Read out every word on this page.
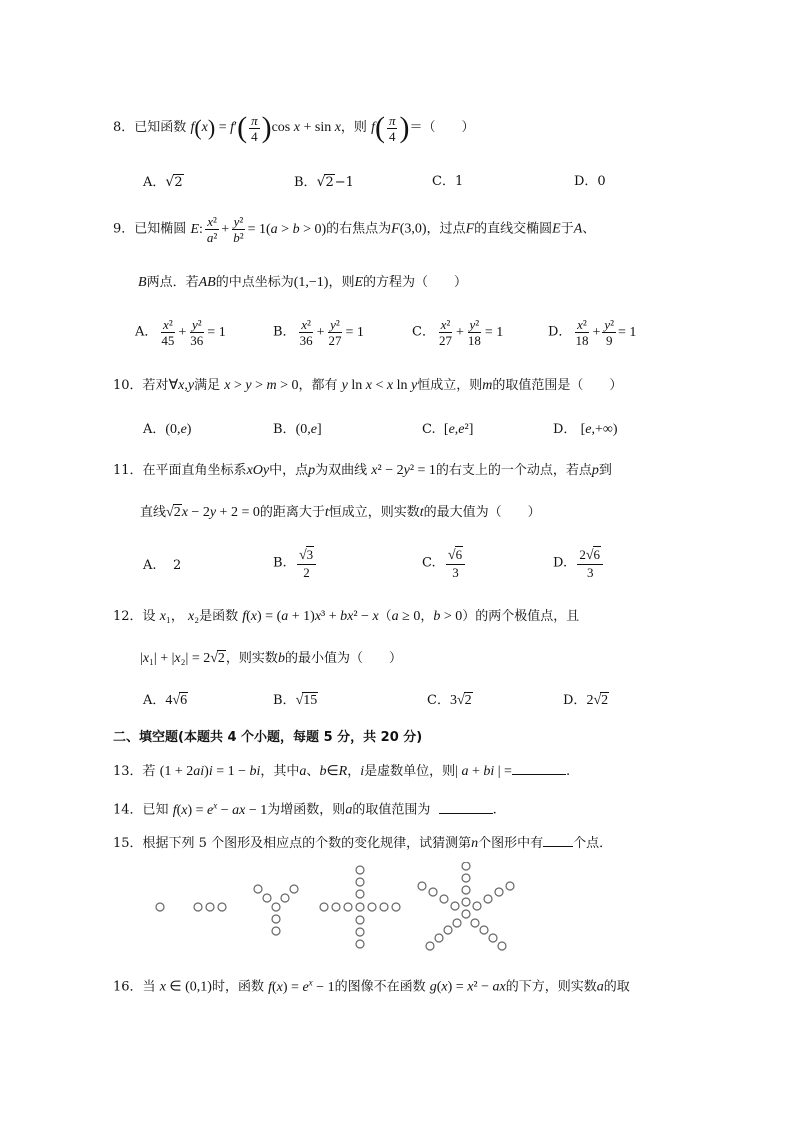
8．已知函数 $f(x) = f'( \frac{\pi}{4} )\cos$ x + sin x，则 $f( \frac{\pi}{4}$ )＝（　　）
A．√2	B．√2−1	C．1	D．0
9．已知椭圆 E: $\frac{\text{x²}}{\text{a²}} + \frac{\text{y²}}{\text{b²}} = 1(a > b > 0)$的右焦点为F(3,0)，过点F的直线交椭圆E于A、
B两点．若AB的中点坐标为(1,−1)，则E的方程为（　　）
A． $\frac{\text{x²}}{45} + \frac{\text{y²}}{36} = 1$	B． $\frac{\text{x²}}{36} + \frac{\text{y²}}{27} = 1$	C． $\frac{\text{x²}}{27} + \frac{\text{y²}}{18} = 1$	D． $\frac{\text{x²}}{18} + \frac{\text{y²}}{9} = 1$
10．若对∀x,y满足 x > y > m > 0，都有 y ln x < x ln y恒成立，则m的取值范围是（　　）
A．(0,e)	B．(0,e]	C.  [e,e²]	D． [e,+∞)
11．在平面直角坐标系xOy中，点p为双曲线 x² − 2y² = 1的右支上的一个动点，若点p到
直线√2x − 2y + 2 = 0的距离大于t恒成立，则实数t的最大值为（　　）
A.    2	B. $\frac{√3}{2}$	C. $\frac{√6}{3}$	D. $\frac{2√6}{3}$
12．设 x₁， x₂是函数 f(x) = (a + 1)x³ + bx² − x（a ≥ 0，b > 0）的两个极值点，且
|x₁| + |x₂| = 2√2，则实数b的最小值为（　　）
A．4√6	B．√15	C．3√2	D．2√2
二、填空题(本题共 4 个小题，每题 5 分，共 20 分)
13．若 (1 + 2ai)i = 1 − bi，其中a、b∈R，i是虚数单位，则| a + bi | =	.
14．已知 $f(x) = e^x$ − ax − 1为增函数，则a的取值范围为	.
15．根据下列 5 个图形及相应点的个数的变化规律，试猜测第n个图形中有 个点．
16．当 x ∈ (0,1)时，函数 $f(x) = e^x - 1$的图像不在函数 g(x) = x² − ax的下方，则实数a的取
